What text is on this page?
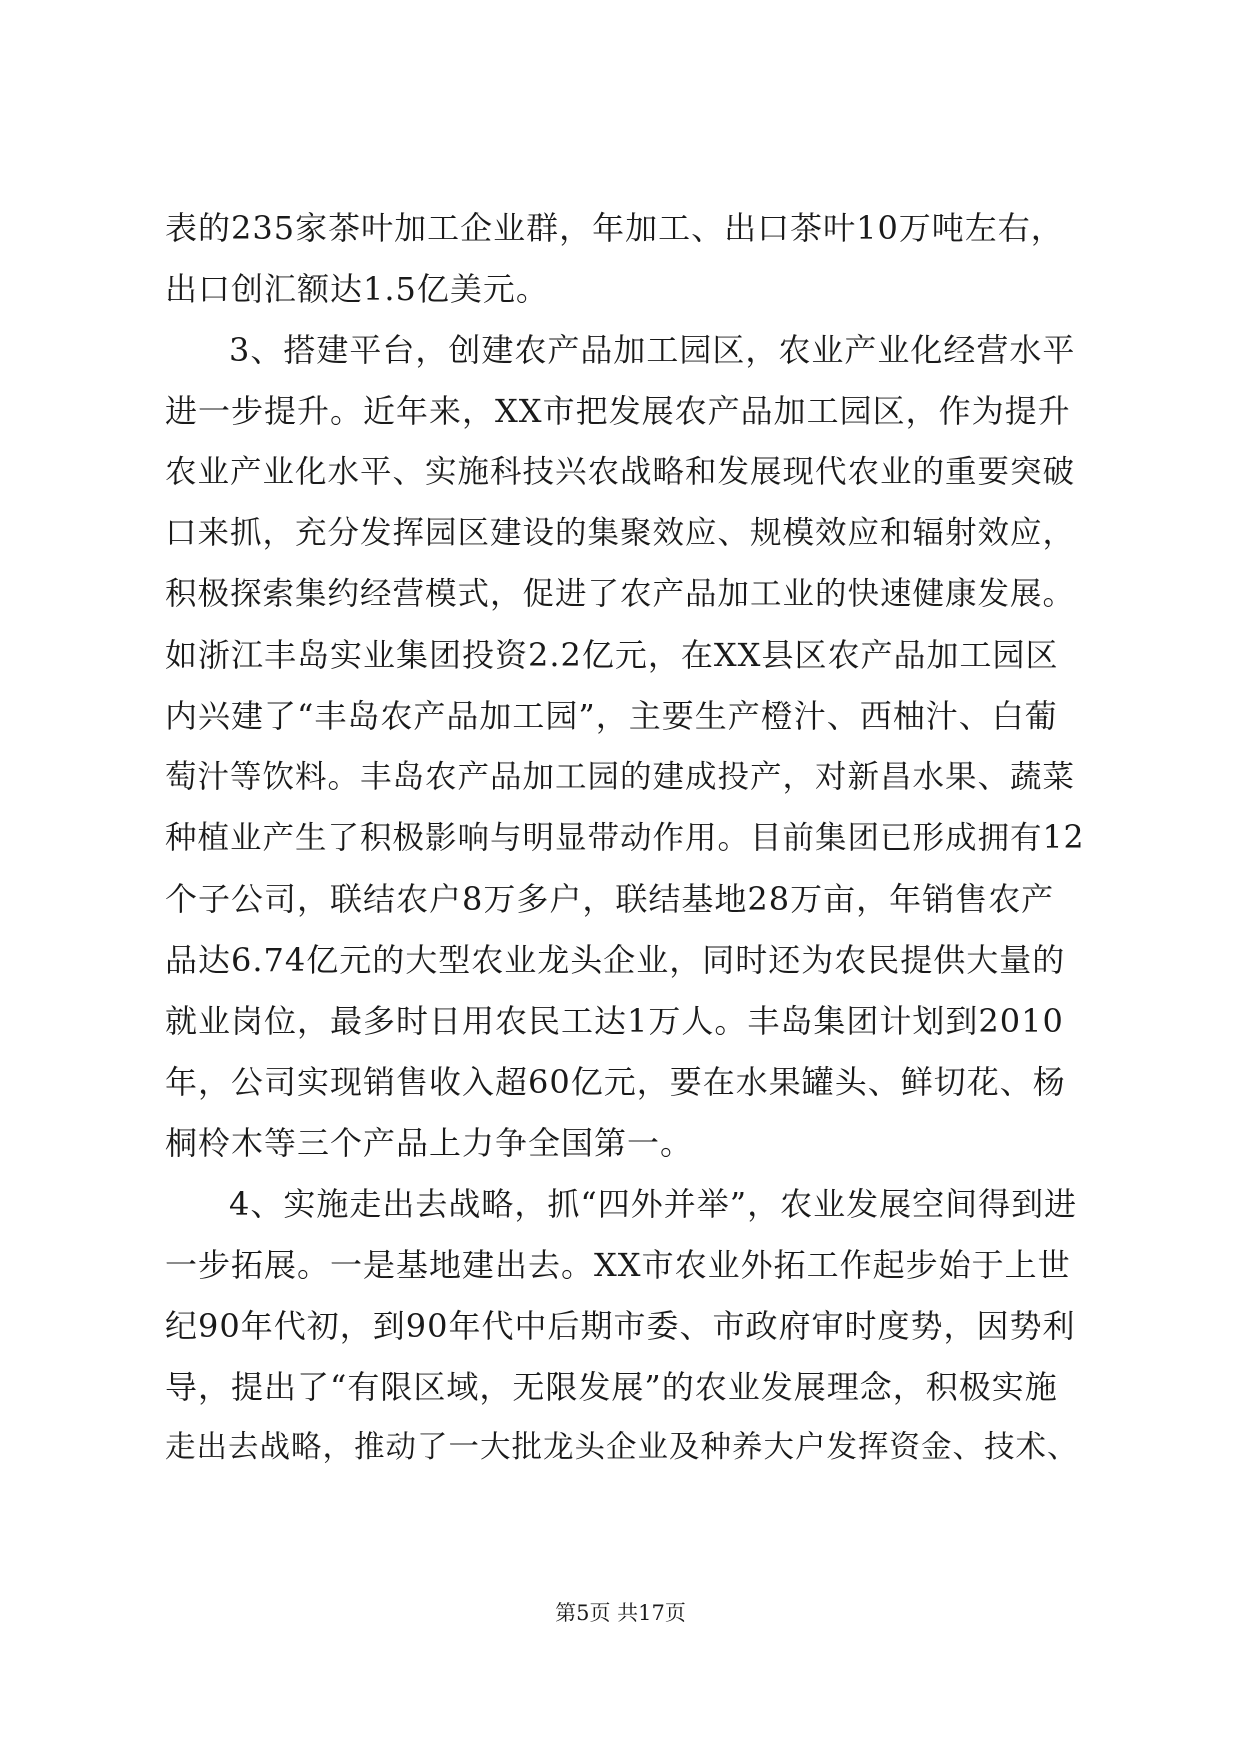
表的235家茶叶加工企业群，年加工、出口茶叶10万吨左右，
出口创汇额达1.5亿美元。
3、搭建平台，创建农产品加工园区，农业产业化经营水平
进一步提升。近年来，XX市把发展农产品加工园区，作为提升
农业产业化水平、实施科技兴农战略和发展现代农业的重要突破
口来抓，充分发挥园区建设的集聚效应、规模效应和辐射效应，
积极探索集约经营模式，促进了农产品加工业的快速健康发展。
如浙江丰岛实业集团投资2.2亿元，在XX县区农产品加工园区
内兴建了“丰岛农产品加工园”，主要生产橙汁、西柚汁、白葡
萄汁等饮料。丰岛农产品加工园的建成投产，对新昌水果、蔬菜
种植业产生了积极影响与明显带动作用。目前集团已形成拥有12
个子公司，联结农户8万多户，联结基地28万亩，年销售农产
品达6.74亿元的大型农业龙头企业，同时还为农民提供大量的
就业岗位，最多时日用农民工达1万人。丰岛集团计划到2010
年，公司实现销售收入超60亿元，要在水果罐头、鲜切花、杨
桐柃木等三个产品上力争全国第一。
4、实施走出去战略，抓“四外并举”，农业发展空间得到进
一步拓展。一是基地建出去。XX市农业外拓工作起步始于上世
纪90年代初，到90年代中后期市委、市政府审时度势，因势利
导，提出了“有限区域，无限发展”的农业发展理念，积极实施
走出去战略，推动了一大批龙头企业及种养大户发挥资金、技术、
第5页 共17页
